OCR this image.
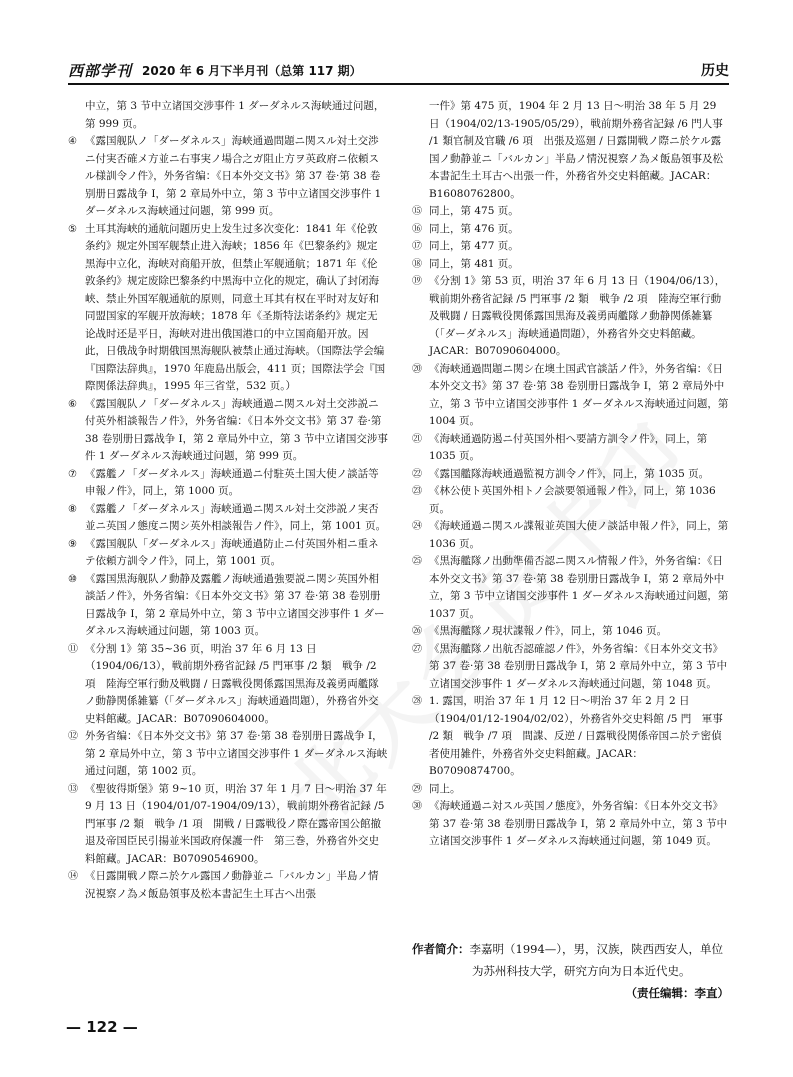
西部学刊 2020 年 6 月下半月刊（总第 117 期）	历史

中立，第 3 节中立诸国交涉事件 1 ダーダネルス海峡通过问题，第 999 页。

④ 《露国舰队ノ「ダーダネルス」海峡通過問題ニ関スル対土交渉ニ付実否確メ方並ニ右事実ノ場合之ガ阻止方ヲ英政府ニ依頼スル様訓令ノ件》，外务省编：《日本外交文书》第 37 卷·第 38 卷别册日露战争 I，第 2 章局外中立，第 3 节中立诸国交涉事件 1 ダーダネルス海峡通过问题，第 999 页。

⑤ 土耳其海峡的通航问题历史上发生过多次变化：1841 年《伦敦条约》规定外国军舰禁止进入海峡；1856 年《巴黎条约》规定黑海中立化，海峡对商船开放，但禁止军舰通航；1871 年《伦敦条约》规定废除巴黎条约中黑海中立化的规定，确认了封闭海峡、禁止外国军舰通航的原则，同意土耳其有权在平时对友好和同盟国家的军舰开放海峡；1878 年《圣斯特法诺条约》规定无论战时还是平日，海峡对进出俄国港口的中立国商船开放。因此，日俄战争时期俄国黑海舰队被禁止通过海峡。（国際法学会编『国際法辞典』，1970 年鹿島出版会，411 页；国際法学会『国際関係法辞典』，1995 年三省堂，532 页。）

⑥ 《露国舰队ノ「ダーダネルス」海峡通過ニ関スル対土交渉説ニ付英外相談報告ノ件》，外务省编：《日本外交文书》第 37 卷·第 38 卷别册日露战争 I，第 2 章局外中立，第 3 节中立诸国交涉事件 1 ダーダネルス海峡通过问题，第 999 页。

⑦ 《露艦ノ「ダーダネルス」海峡通過ニ付駐英土国大使ノ談話等申報ノ件》，同上，第 1000 页。

⑧ 《露艦ノ「ダーダネルス」海峡通過ニ関スル対土交渉説ノ実否並ニ英国ノ態度ニ関シ英外相談報告ノ件》，同上，第 1001 页。

⑨ 《露国舰队「ダーダネルス」海峡通過防止ニ付英国外相ニ重ネテ依頼方訓令ノ件》，同上，第 1001 页。

⑩ 《露国黒海舰队ノ動静及露艦ノ海峡通過強要説ニ関シ英国外相談話ノ件》，外务省编：《日本外交文书》第 37 卷·第 38 卷别册日露战争 I，第 2 章局外中立，第 3 节中立诸国交涉事件 1 ダーダネルス海峡通过问题，第 1003 页。

⑪ 《分割 1》第 35~36 页，明治 37 年 6 月 13 日（1904/06/13），戦前期外務省記録 /5 門軍事 /2 類　戦争 /2 項　陸海空軍行動及戦闘 / 日露戦役関係露国黒海及義勇両艦隊ノ動静関係雑纂（「ダーダネルス」海峡通過問題），外務省外交史料館藏。JACAR：B07090604000。

⑫ 外务省编：《日本外交文书》第 37 卷·第 38 卷别册日露战争 I，第 2 章局外中立，第 3 节中立诸国交涉事件 1 ダーダネルス海峡通过问题，第 1002 页。

⑬ 《聖彼得斯堡》第 9~10 页，明治 37 年 1 月 7 日～明治 37 年 9 月 13 日（1904/01/07-1904/09/13），戦前期外務省記録 /5 門軍事 /2 類　戦争 /1 項　開戦 / 日露戦役ノ際在露帝国公館撤退及帝国臣民引揚並米国政府保護一件　第三巻，外務省外交史料館藏。JACAR：B07090546900。

⑭ 《日露開戦ノ際ニ於ケル露国ノ動静並ニ「バルカン」半島ノ情況視察ノ為メ飯島領事及松本書記生土耳古へ出張

一件》第 475 页，1904 年 2 月 13 日～明治 38 年 5 月 29 日（1904/02/13-1905/05/29），戦前期外務省記録 /6 門人事 /1 類官制及官職 /6 項　出張及巡廻 / 日露開戦ノ際ニ於ケル露国ノ動静並ニ「バルカン」半島ノ情況視察ノ為メ飯島領事及松本書記生土耳古へ出張一件，外務省外交史料館藏。JACAR：B16080762800。

⑮ 同上，第 475 页。

⑯ 同上，第 476 页。

⑰ 同上，第 477 页。

⑱ 同上，第 481 页。

⑲ 《分割 1》第 53 页，明治 37 年 6 月 13 日（1904/06/13），戦前期外務省記録 /5 門軍事 /2 類　戦争 /2 項　陸海空軍行動及戦闘 / 日露戦役関係露国黒海及義勇両艦隊ノ動静関係雑纂（「ダーダネルス」海峡通過問題），外務省外交史料館藏。JACAR：B07090604000。

⑳ 《海峡通過問題ニ関シ在墺土国武官談話ノ件》，外务省编：《日本外交文书》第 37 卷·第 38 卷别册日露战争 I，第 2 章局外中立，第 3 节中立诸国交涉事件 1 ダーダネルス海峡通过问题，第 1004 页。

㉑ 《海峡通過防遏ニ付英国外相へ要請方訓令ノ件》，同上，第 1035 页。

㉒ 《露国艦隊海峡通過監視方訓令ノ件》，同上，第 1035 页。

㉓ 《林公使ト英国外相トノ会談要領通報ノ件》，同上，第 1036 页。

㉔ 《海峡通過ニ関スル諜報並英国大使ノ談話申報ノ件》，同上，第 1036 页。

㉕ 《黒海艦隊ノ出動準備否認ニ関スル情報ノ件》，外务省编：《日本外交文书》第 37 卷·第 38 卷别册日露战争 I，第 2 章局外中立，第 3 节中立诸国交涉事件 1 ダーダネルス海峡通过问题，第 1037 页。

㉖ 《黒海艦隊ノ現状諜報ノ件》，同上，第 1046 页。

㉗ 《黒海艦隊ノ出航否認確認ノ件》，外务省编：《日本外交文书》第 37 卷·第 38 卷别册日露战争 I，第 2 章局外中立，第 3 节中立诸国交涉事件 1 ダーダネルス海峡通过问题，第 1048 页。

㉘ 1. 露国，明治 37 年 1 月 12 日～明治 37 年 2 月 2 日（1904/01/12-1904/02/02），外務省外交史料館 /5 門　軍事 /2 類　戦争 /7 項　間諜、反逆 / 日露戦役関係帝国ニ於テ密偵者使用雑件，外務省外交史料館藏。JACAR：B07090874700。

㉙ 同上。

㉚ 《海峡通過ニ対スル英国ノ態度》，外务省编：《日本外交文书》第 37 卷·第 38 卷别册日露战争 I，第 2 章局外中立，第 3 节中立诸国交涉事件 1 ダーダネルス海峡通过问题，第 1049 页。

作者简介：李嘉明（1994—），男，汉族，陕西西安人，单位
为苏州科技大学，研究方向为日本近代史。
（责任编辑：李直）
— 122 —
